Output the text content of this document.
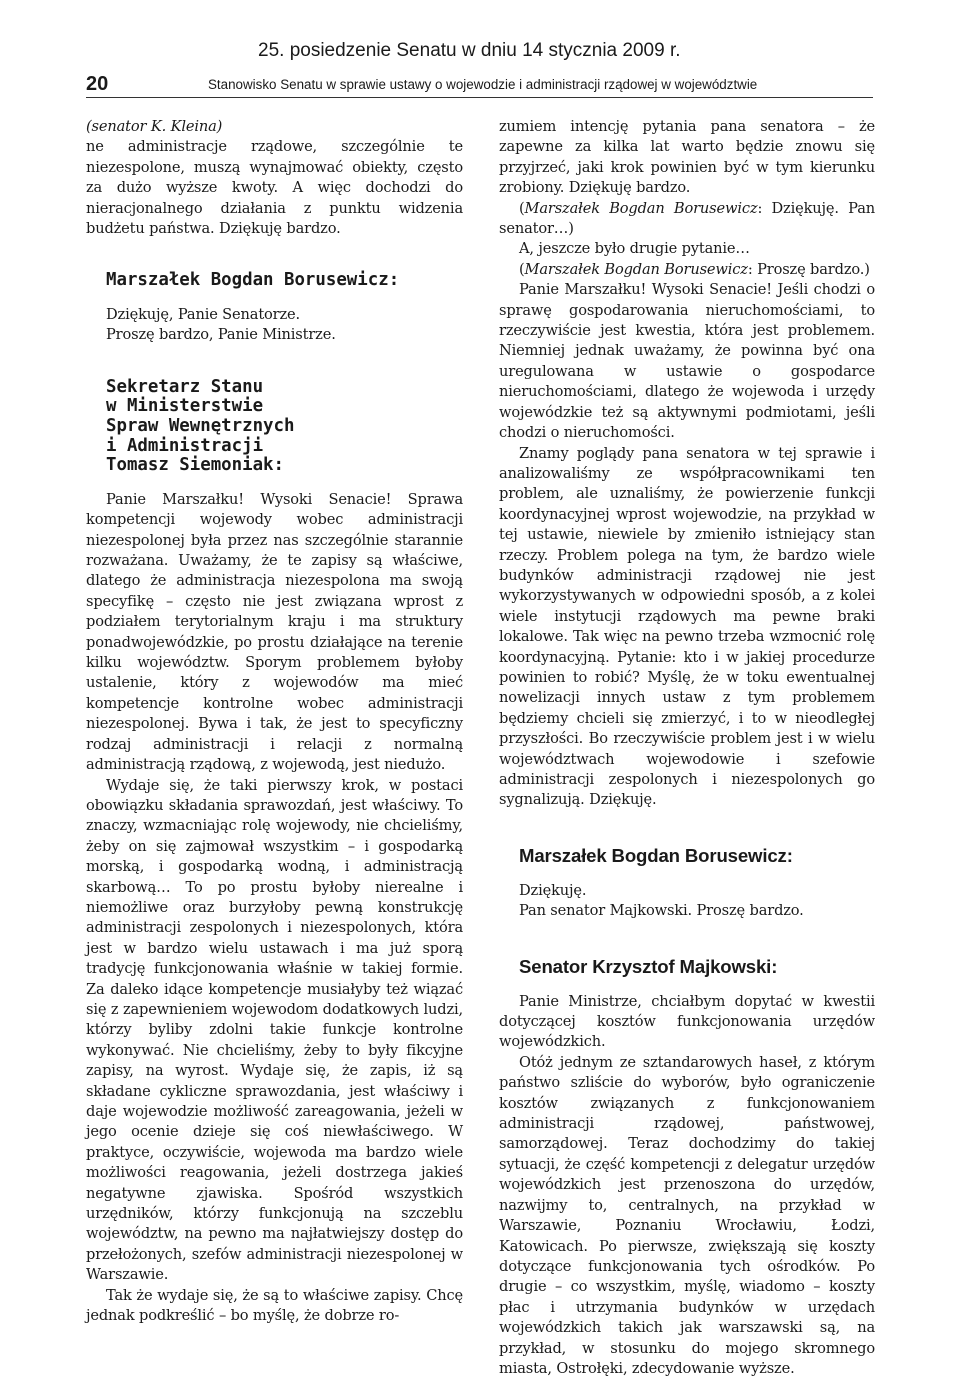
25. posiedzenie Senatu w dniu 14 stycznia 2009 r.
20	Stanowisko Senatu w sprawie ustawy o wojewodzie i administracji rządowej w województwie

(senator K. Kleina)

ne administracje rządowe, szczególnie te niezespolone, muszą wynajmować obiekty, często za dużo wyższe kwoty. A więc dochodzi do nieracjonalnego działania z punktu widzenia budżetu państwa. Dziękuję bardzo.

Marszałek Bogdan Borusewicz:

Dziękuję, Panie Senatorze.

Proszę bardzo, Panie Ministrze.

Sekretarz Stanu
w Ministerstwie
Spraw Wewnętrznych
i Administracji
Tomasz Siemoniak:

Panie Marszałku! Wysoki Senacie! Sprawa kompetencji wojewody wobec administracji niezespolonej była przez nas szczególnie starannie rozważana. Uważamy, że te zapisy są właściwe, dlatego że administracja niezespolona ma swoją specyfikę – często nie jest związana wprost z podziałem terytorialnym kraju i ma struktury ponadwojewódzkie, po prostu działające na terenie kilku województw. Sporym problemem byłoby ustalenie, który z wojewodów ma mieć kompetencje kontrolne wobec administracji niezespolonej. Bywa i tak, że jest to specyficzny rodzaj administracji i relacji z normalną administracją rządową, z wojewodą, jest niedużo.

Wydaje się, że taki pierwszy krok, w postaci obowiązku składania sprawozdań, jest właściwy. To znaczy, wzmacniając rolę wojewody, nie chcieliśmy, żeby on się zajmował wszystkim – i gospodarką morską, i gospodarką wodną, i administracją skarbową… To po prostu byłoby nierealne i niemożliwe oraz burzyłoby pewną konstrukcję administracji zespolonych i niezespolonych, która jest w bardzo wielu ustawach i ma już sporą tradycję funkcjonowania właśnie w takiej formie. Za daleko idące kompetencje musiałyby też wiązać się z zapewnieniem wojewodom dodatkowych ludzi, którzy byliby zdolni takie funkcje kontrolne wykonywać. Nie chcieliśmy, żeby to były fikcyjne zapisy, na wyrost. Wydaje się, że zapis, iż są składane cykliczne sprawozdania, jest właściwy i daje wojewodzie możliwość zareagowania, jeżeli w jego ocenie dzieje się coś niewłaściwego. W praktyce, oczywiście, wojewoda ma bardzo wiele możliwości reagowania, jeżeli dostrzega jakieś negatywne zjawiska. Spośród wszystkich urzędników, którzy funkcjonują na szczeblu województw, na pewno ma najłatwiejszy dostęp do przełożonych, szefów administracji niezespolonej w Warszawie.

Tak że wydaje się, że są to właściwe zapisy. Chcę jednak podkreślić – bo myślę, że dobrze ro-

zumiem intencję pytania pana senatora – że zapewne za kilka lat warto będzie znowu się przyjrzeć, jaki krok powinien być w tym kierunku zrobiony. Dziękuję bardzo.

(Marszałek Bogdan Borusewicz: Dziękuję. Pan senator…)

A, jeszcze było drugie pytanie…

(Marszałek Bogdan Borusewicz: Proszę bardzo.)

Panie Marszałku! Wysoki Senacie! Jeśli chodzi o sprawę gospodarowania nieruchomościami, to rzeczywiście jest kwestia, która jest problemem. Niemniej jednak uważamy, że powinna być ona uregulowana w ustawie o gospodarce nieruchomościami, dlatego że wojewoda i urzędy wojewódzkie też są aktywnymi podmiotami, jeśli chodzi o nieruchomości.

Znamy poglądy pana senatora w tej sprawie i analizowaliśmy ze współpracownikami ten problem, ale uznaliśmy, że powierzenie funkcji koordynacyjnej wprost wojewodzie, na przykład w tej ustawie, niewiele by zmieniło istniejący stan rzeczy. Problem polega na tym, że bardzo wiele budynków administracji rządowej nie jest wykorzystywanych w odpowiedni sposób, a z kolei wiele instytucji rządowych ma pewne braki lokalowe. Tak więc na pewno trzeba wzmocnić rolę koordynacyjną. Pytanie: kto i w jakiej procedurze powinien to robić? Myślę, że w toku ewentualnej nowelizacji innych ustaw z tym problemem będziemy chcieli się zmierzyć, i to w nieodległej przyszłości. Bo rzeczywiście problem jest i w wielu województwach wojewodowie i szefowie administracji zespolonych i niezespolonych go sygnalizują. Dziękuję.

Marszałek Bogdan Borusewicz:

Dziękuję.

Pan senator Majkowski. Proszę bardzo.

Senator Krzysztof Majkowski:

Panie Ministrze, chciałbym dopytać w kwestii dotyczącej kosztów funkcjonowania urzędów wojewódzkich.

Otóż jednym ze sztandarowych haseł, z którym państwo szliście do wyborów, było ograniczenie kosztów związanych z funkcjonowaniem administracji rządowej, państwowej, samorządowej. Teraz dochodzimy do takiej sytuacji, że część kompetencji z delegatur urzędów wojewódzkich jest przenoszona do urzędów, nazwijmy to, centralnych, na przykład w Warszawie, Poznaniu Wrocławiu, Łodzi, Katowicach. Po pierwsze, zwiększają się koszty dotyczące funkcjonowania tych ośrodków. Po drugie – co wszystkim, myślę, wiadomo – koszty płac i utrzymania budynków w urzędach wojewódzkich takich jak warszawski są, na przykład, w stosunku do mojego skromnego miasta, Ostrołęki, zdecydowanie wyższe.
